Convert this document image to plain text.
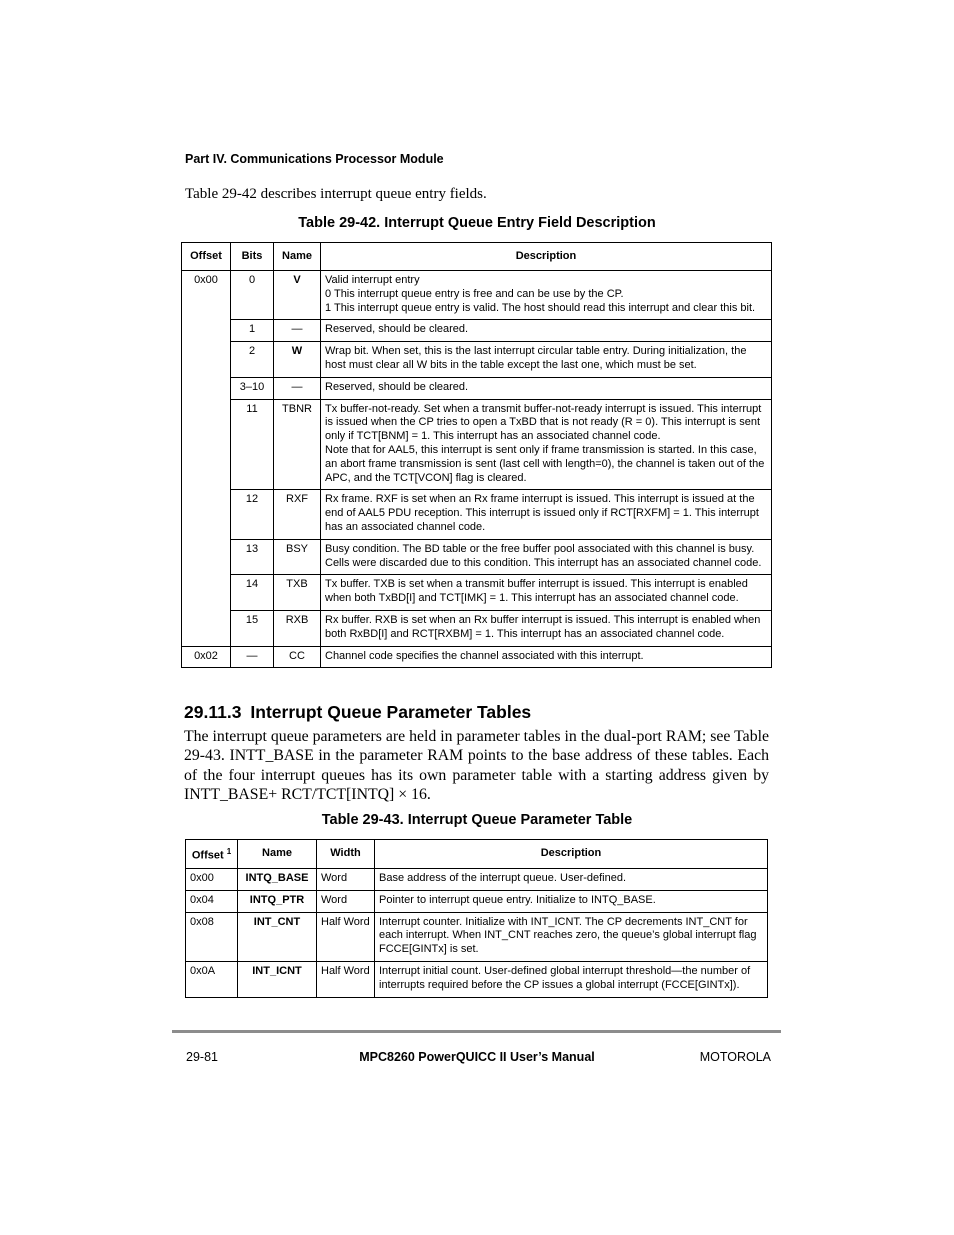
Part IV. Communications Processor Module
Table 29-42 describes interrupt queue entry fields.
Table 29-42. Interrupt Queue Entry Field Description
Offset	Bits	Name	Description
0x00	0	V	Valid interrupt entry
0 This interrupt queue entry is free and can be use by the CP.
1 This interrupt queue entry is valid. The host should read this interrupt and clear this bit.

	1	—	Reserved, should be cleared.
	2	W	Wrap bit. When set, this is the last interrupt circular table entry. During initialization, the host must clear all W bits in the table except the last one, which must be set.
	3–10	—	Reserved, should be cleared.
	11	TBNR	Tx buffer-not-ready. Set when a transmit buffer-not-ready interrupt is issued. This interrupt is issued when the CP tries to open a TxBD that is not ready (R = 0). This interrupt is sent only if TCT[BNM] = 1. This interrupt has an associated channel code.
Note that for AAL5, this interrupt is sent only if frame transmission is started. In this case, an abort frame transmission is sent (last cell with length=0), the channel is taken out of the APC, and the TCT[VCON] flag is cleared.

	12	RXF	Rx frame. RXF is set when an Rx frame interrupt is issued. This interrupt is issued at the end of AAL5 PDU reception. This interrupt is issued only if RCT[RXFM] = 1. This interrupt has an associated channel code.
	13	BSY	Busy condition. The BD table or the free buffer pool associated with this channel is busy. Cells were discarded due to this condition. This interrupt has an associated channel code.
	14	TXB	Tx buffer. TXB is set when a transmit buffer interrupt is issued. This interrupt is enabled when both TxBD[I] and TCT[IMK] = 1. This interrupt has an associated channel code.
	15	RXB	Rx buffer. RXB is set when an Rx buffer interrupt is issued. This interrupt is enabled when both RxBD[I] and RCT[RXBM] = 1. This interrupt has an associated channel code.
0x02	—	CC	Channel code specifies the channel associated with this interrupt.
29.11.3 Interrupt Queue Parameter Tables
The interrupt queue parameters are held in parameter tables in the dual-port RAM; see Table 29-43. INTT_BASE in the parameter RAM points to the base address of these tables. Each of the four interrupt queues has its own parameter table with a starting address given by INTT_BASE+ RCT/TCT[INTQ] × 16.
Table 29-43. Interrupt Queue Parameter Table
Offset $^1$	Name	Width	Description
0x00	INTQ_BASE	Word	Base address of the interrupt queue. User-defined.
0x04	INTQ_PTR	Word	Pointer to interrupt queue entry. Initialize to INTQ_BASE.
0x08	INT_CNT	Half Word	Interrupt counter. Initialize with INT_ICNT. The CP decrements INT_CNT for each interrupt. When INT_CNT reaches zero, the queue’s global interrupt flag FCCE[GINTx] is set.
0x0A	INT_ICNT	Half Word	Interrupt initial count. User-defined global interrupt threshold—the number of interrupts required before the CP issues a global interrupt (FCCE[GINTx]).
29-81	MPC8260 PowerQUICC II User’s Manual	MOTOROLA
